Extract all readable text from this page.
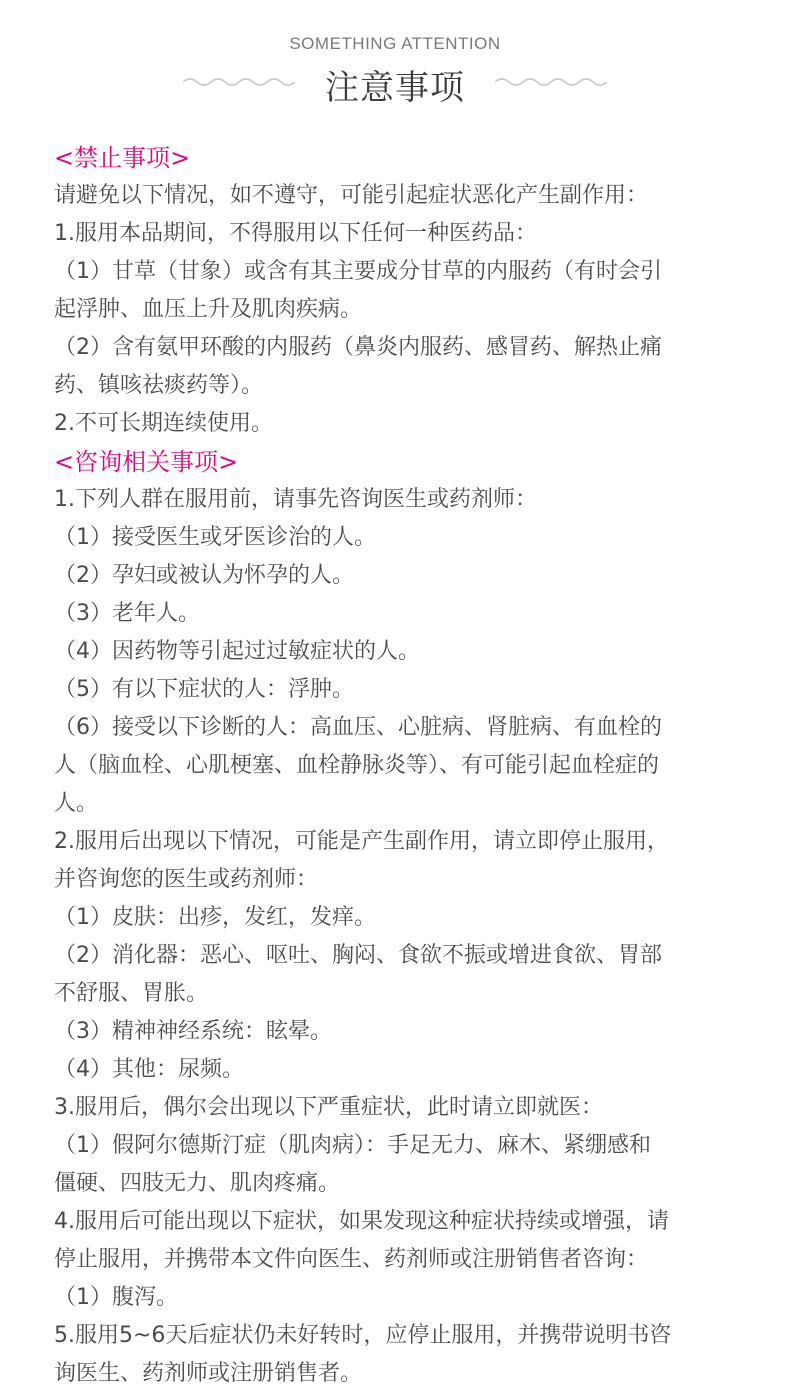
SOMETHING ATTENTION
注意事项
<禁止事项>
请避免以下情况，如不遵守，可能引起症状恶化产生副作用：
1.服用本品期间，不得服用以下任何一种医药品：
（1）甘草（甘象）或含有其主要成分甘草的内服药（有时会引
起浮肿、血压上升及肌肉疾病。
（2）含有氨甲环酸的内服药（鼻炎内服药、感冒药、解热止痛
药、镇咳祛痰药等）。
2.不可长期连续使用。
<咨询相关事项>
1.下列人群在服用前，请事先咨询医生或药剂师：
（1）接受医生或牙医诊治的人。
（2）孕妇或被认为怀孕的人。
（3）老年人。
（4）因药物等引起过过敏症状的人。
（5）有以下症状的人：浮肿。
（6）接受以下诊断的人：高血压、心脏病、肾脏病、有血栓的
人（脑血栓、心肌梗塞、血栓静脉炎等）、有可能引起血栓症的
人。
2.服用后出现以下情况，可能是产生副作用，请立即停止服用，
并咨询您的医生或药剂师：
（1）皮肤：出疹，发红，发痒。
（2）消化器：恶心、呕吐、胸闷、食欲不振或增进食欲、胃部
不舒服、胃胀。
（3）精神神经系统：眩晕。
（4）其他：尿频。
3.服用后，偶尔会出现以下严重症状，此时请立即就医：
（1）假阿尔德斯汀症（肌肉病）：手足无力、麻木、紧绷感和
僵硬、四肢无力、肌肉疼痛。
4.服用后可能出现以下症状，如果发现这种症状持续或增强，请
停止服用，并携带本文件向医生、药剂师或注册销售者咨询：
（1）腹泻。
5.服用5~6天后症状仍未好转时，应停止服用，并携带说明书咨
询医生、药剂师或注册销售者。
